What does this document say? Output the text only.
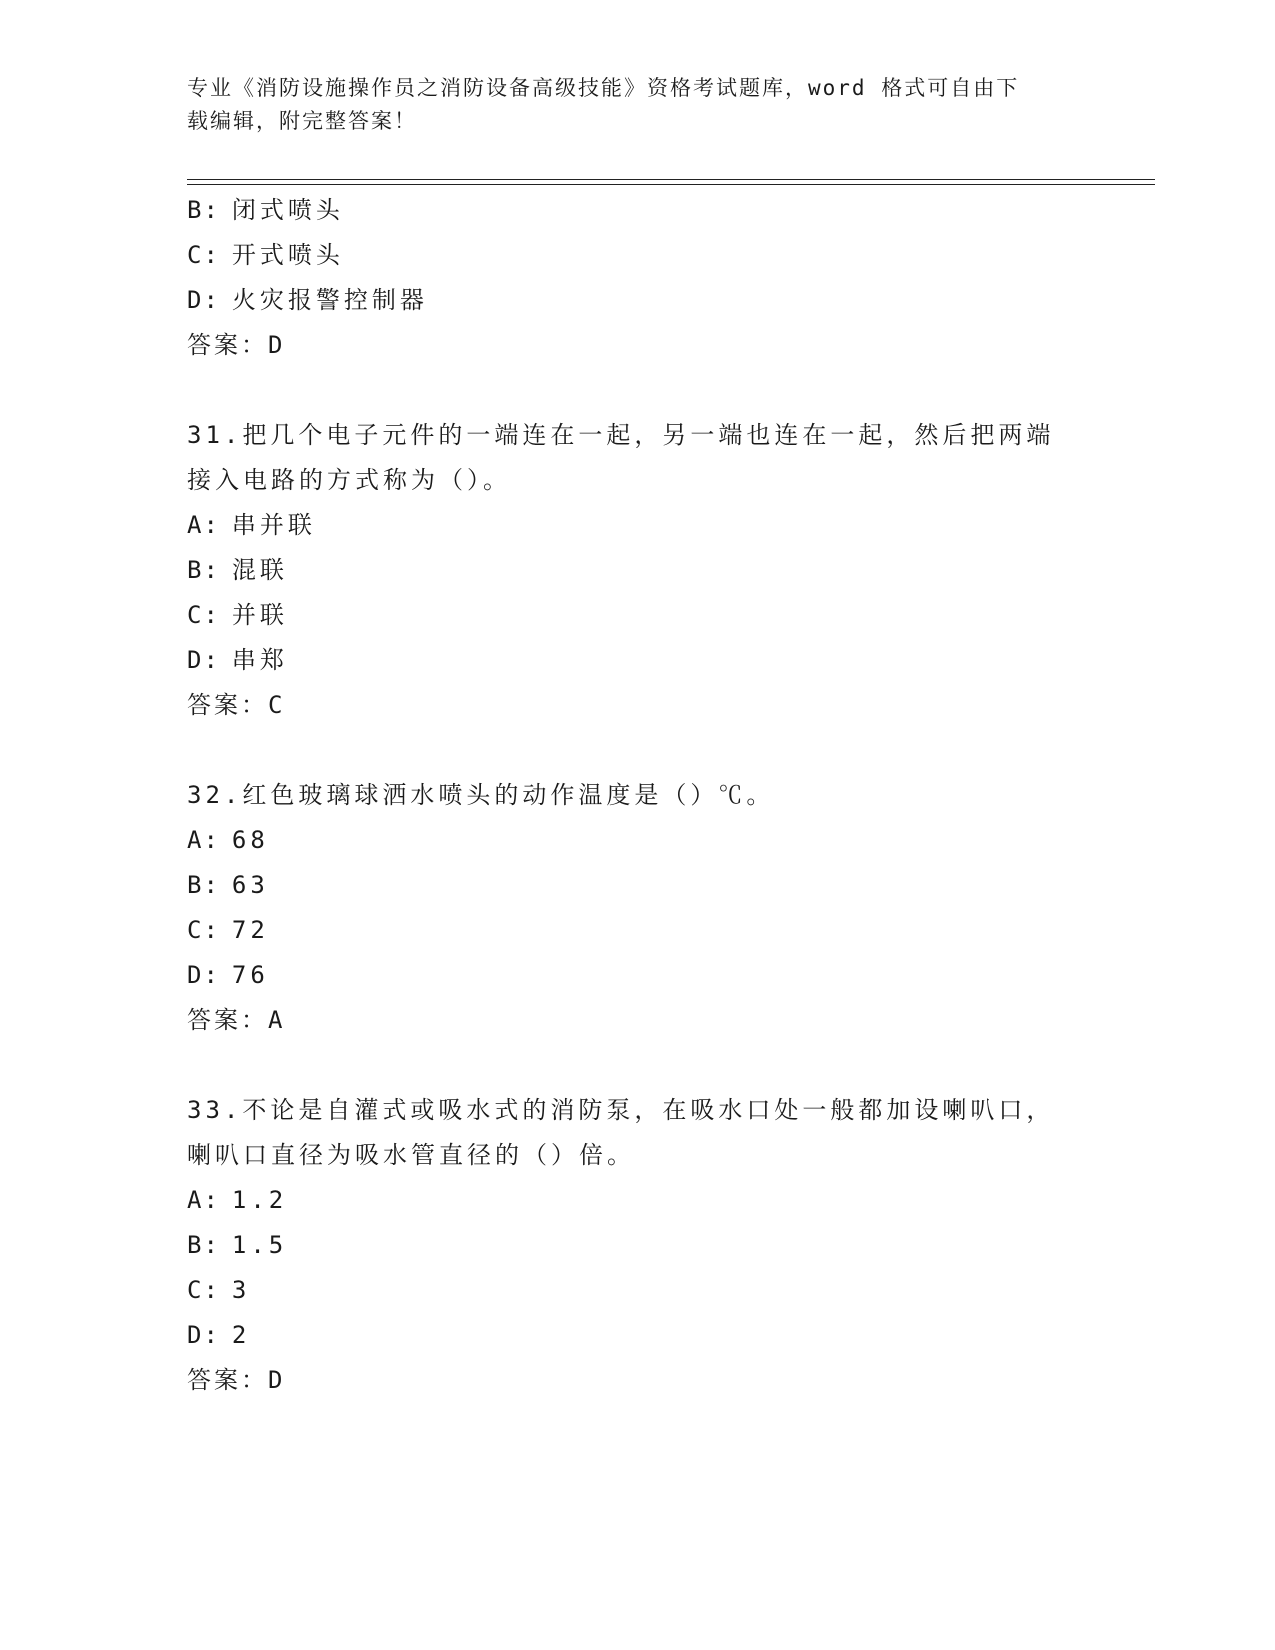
专业《消防设施操作员之消防设备高级技能》资格考试题库，word 格式可自由下
载编辑，附完整答案！
B: 闭式喷头
C: 开式喷头
D: 火灾报警控制器
答案：D
31.把几个电子元件的一端连在一起，另一端也连在一起，然后把两端
接入电路的方式称为（）。
A: 串并联
B: 混联
C: 并联
D: 串郑
答案：C
32.红色玻璃球洒水喷头的动作温度是（）℃。
A: 68
B: 63
C: 72
D: 76
答案：A
33.不论是自灌式或吸水式的消防泵，在吸水口处一般都加设喇叭口，
喇叭口直径为吸水管直径的（）倍。
A: 1.2
B: 1.5
C: 3
D: 2
答案：D
